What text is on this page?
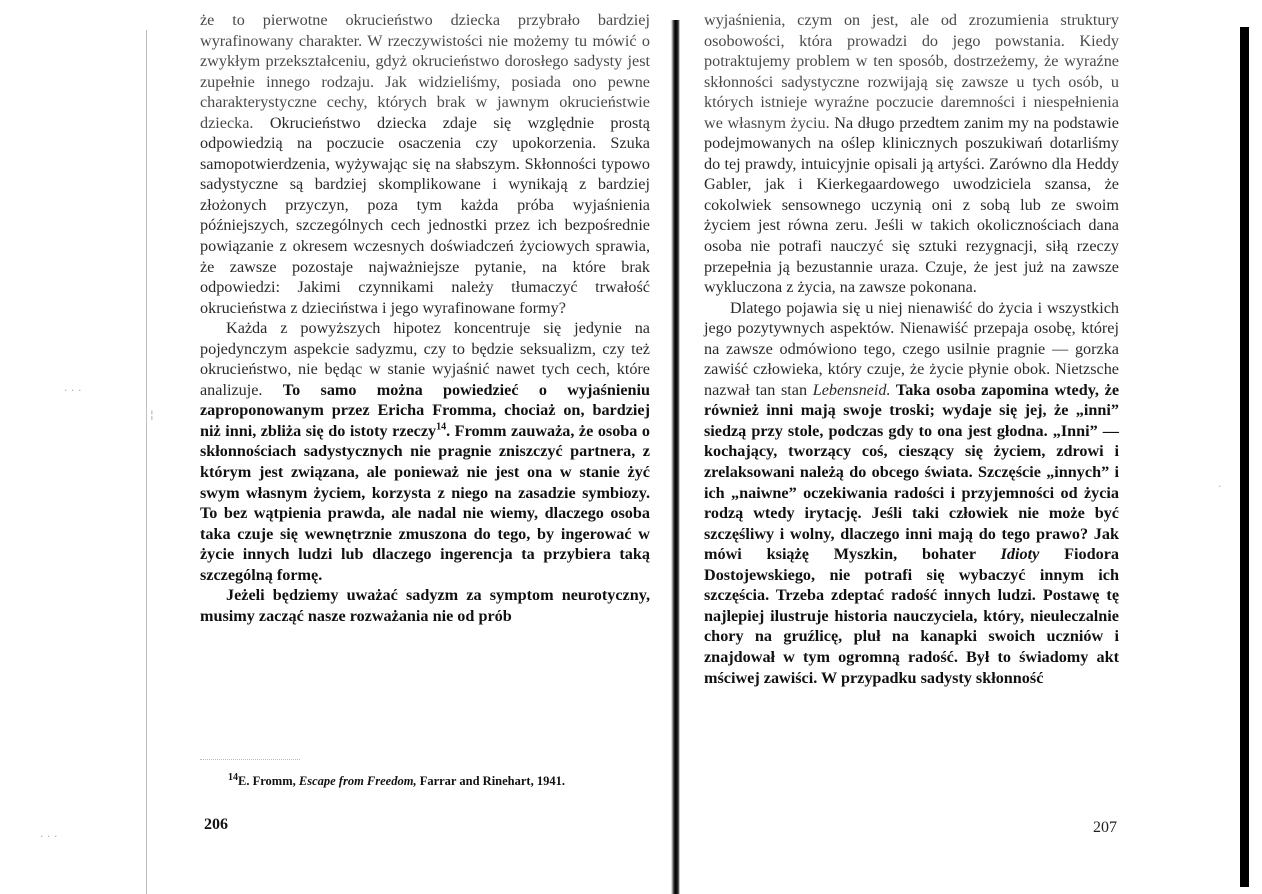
· · ·
¦
· · ·
·

że to pierwotne okrucieństwo dziecka przybrało bardziej wyrafinowany charakter. W rzeczywistości nie możemy tu mówić o zwykłym przekształceniu, gdyż okrucieństwo dorosłego sadysty jest zupełnie innego rodzaju. Jak widzieliśmy, posiada ono pewne charakterystyczne cechy, których brak w jawnym okrucieństwie dziecka. Okrucieństwo dziecka zdaje się względnie prostą odpowiedzią na poczucie osaczenia czy upokorzenia. Szuka samopotwierdzenia, wyżywając się na słabszym. Skłonności typowo sadystyczne są bardziej skomplikowane i wynikają z bardziej złożonych przyczyn, poza tym każda próba wyjaśnienia późniejszych, szczególnych cech jednostki przez ich bezpośrednie powiązanie z okresem wczesnych doświadczeń życiowych sprawia, że zawsze pozostaje najważniejsze pytanie, na które brak odpowiedzi: Jakimi czynnikami należy tłumaczyć trwałość okrucieństwa z dzieciństwa i jego wyrafinowane formy?

Każda z powyższych hipotez koncentruje się jedynie na pojedynczym aspekcie sadyzmu, czy to będzie seksualizm, czy też okrucieństwo, nie będąc w stanie wyjaśnić nawet tych cech, które analizuje. To samo można powiedzieć o wyjaśnieniu zaproponowanym przez Ericha Fromma, chociaż on, bardziej niż inni, zbliża się do istoty rzeczy$^{14}$. Fromm zauważa, że osoba o skłonnościach sadystycznych nie pragnie zniszczyć partnera, z którym jest związana, ale ponieważ nie jest ona w stanie żyć swym własnym życiem, korzysta z niego na zasadzie symbiozy. To bez wątpienia prawda, ale nadal nie wiemy, dlaczego osoba taka czuje się wewnętrznie zmuszona do tego, by ingerować w życie innych ludzi lub dlaczego ingerencja ta przybiera taką szczególną formę.

Jeżeli będziemy uważać sadyzm za symptom neurotyczny, musimy zacząć nasze rozważania nie od prób

$^{14}$E. Fromm, Escape from Freedom, Farrar and Rinehart, 1941.

206

wyjaśnienia, czym on jest, ale od zrozumienia struktury osobowości, która prowadzi do jego powstania. Kiedy potraktujemy problem w ten sposób, dostrzeżemy, że wyraźne skłonności sadystyczne rozwijają się zawsze u tych osób, u których istnieje wyraźne poczucie daremności i niespełnienia we własnym życiu. Na długo przedtem zanim my na podstawie podejmowanych na oślep klinicznych poszukiwań dotarliśmy do tej prawdy, intuicyjnie opisali ją artyści. Zarówno dla Heddy Gabler, jak i Kierkegaardowego uwodziciela szansa, że cokolwiek sensownego uczynią oni z sobą lub ze swoim życiem jest równa zeru. Jeśli w takich okolicznościach dana osoba nie potrafi nauczyć się sztuki rezygnacji, siłą rzeczy przepełnia ją bezustannie uraza. Czuje, że jest już na zawsze wykluczona z życia, na zawsze pokonana.

Dlatego pojawia się u niej nienawiść do życia i wszystkich jego pozytywnych aspektów. Nienawiść przepaja osobę, której na zawsze odmówiono tego, czego usilnie pragnie — gorzka zawiść człowieka, który czuje, że życie płynie obok. Nietzsche nazwał tan stan Lebensneid. Taka osoba zapomina wtedy, że również inni mają swoje troski; wydaje się jej, że „inni” siedzą przy stole, podczas gdy to ona jest głodna. „Inni” — kochający, tworzący coś, cieszący się życiem, zdrowi i zrelaksowani należą do obcego świata. Szczęście „innych” i ich „naiwne” oczekiwania radości i przyjemności od życia rodzą wtedy irytację. Jeśli taki człowiek nie może być szczęśliwy i wolny, dlaczego inni mają do tego prawo? Jak mówi książę Myszkin, bohater Idioty Fiodora Dostojewskiego, nie potrafi się wybaczyć innym ich szczęścia. Trzeba zdeptać radość innych ludzi. Postawę tę najlepiej ilustruje historia nauczyciela, który, nieuleczalnie chory na gruźlicę, pluł na kanapki swoich uczniów i znajdował w tym ogromną radość. Był to świadomy akt mściwej zawiści. W przypadku sadysty skłonność

207
